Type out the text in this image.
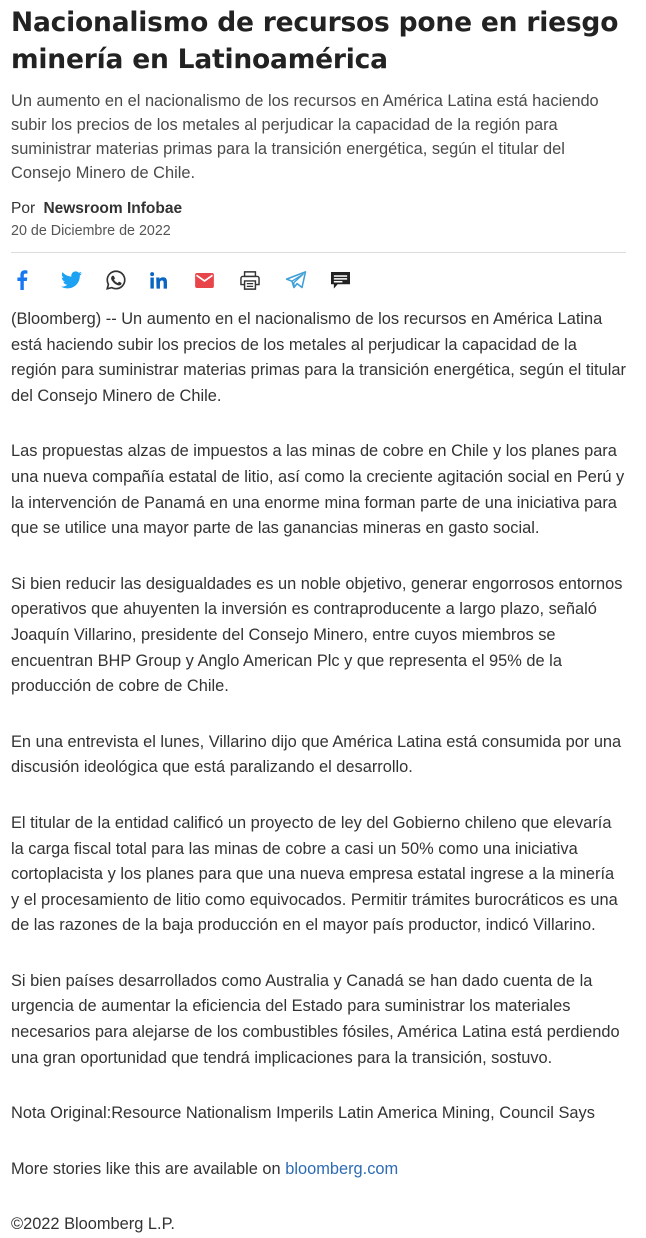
Nacionalismo de recursos pone en riesgo minería en Latinoamérica
Un aumento en el nacionalismo de los recursos en América Latina está haciendo subir los precios de los metales al perjudicar la capacidad de la región para suministrar materias primas para la transición energética, según el titular del Consejo Minero de Chile.
Por Newsroom Infobae
20 de Diciembre de 2022

(Bloomberg) -- Un aumento en el nacionalismo de los recursos en América Latina está haciendo subir los precios de los metales al perjudicar la capacidad de la región para suministrar materias primas para la transición energética, según el titular del Consejo Minero de Chile.

Las propuestas alzas de impuestos a las minas de cobre en Chile y los planes para una nueva compañía estatal de litio, así como la creciente agitación social en Perú y la intervención de Panamá en una enorme mina forman parte de una iniciativa para que se utilice una mayor parte de las ganancias mineras en gasto social.

Si bien reducir las desigualdades es un noble objetivo, generar engorrosos entornos operativos que ahuyenten la inversión es contraproducente a largo plazo, señaló Joaquín Villarino, presidente del Consejo Minero, entre cuyos miembros se encuentran BHP Group y Anglo American Plc y que representa el 95% de la producción de cobre de Chile.

En una entrevista el lunes, Villarino dijo que América Latina está consumida por una discusión ideológica que está paralizando el desarrollo.

El titular de la entidad calificó un proyecto de ley del Gobierno chileno que elevaría la carga fiscal total para las minas de cobre a casi un 50% como una iniciativa cortoplacista y los planes para que una nueva empresa estatal ingrese a la minería y el procesamiento de litio como equivocados. Permitir trámites burocráticos es una de las razones de la baja producción en el mayor país productor, indicó Villarino.

Si bien países desarrollados como Australia y Canadá se han dado cuenta de la urgencia de aumentar la eficiencia del Estado para suministrar los materiales necesarios para alejarse de los combustibles fósiles, América Latina está perdiendo una gran oportunidad que tendrá implicaciones para la transición, sostuvo.

Nota Original:Resource Nationalism Imperils Latin America Mining, Council Says

More stories like this are available on bloomberg.com

©2022 Bloomberg L.P.
